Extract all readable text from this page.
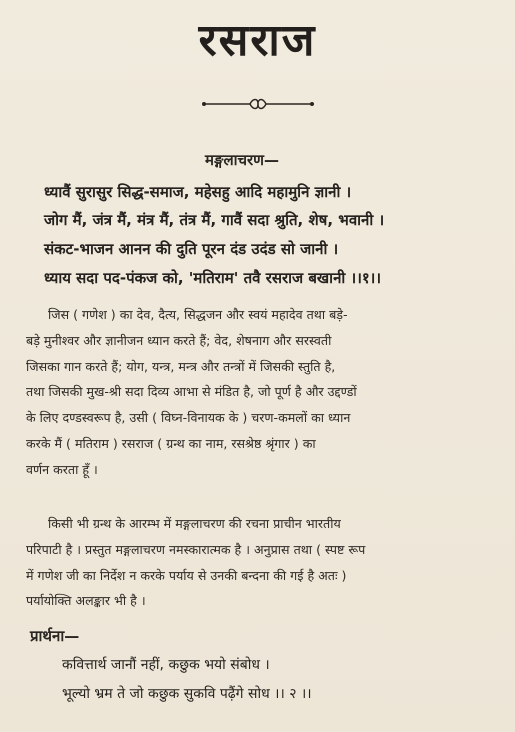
रसराज
मङ्गलाचरण—
ध्यावैं सुरासुर सिद्ध-समाज, महेसहु आदि महामुनि ज्ञानी ।
जोग मैं, जंत्र मैं, मंत्र मैं, तंत्र मैं, गावैं सदा श्रुति, शेष, भवानी ।
संकट-भाजन आनन की दुति पूरन दंड उदंड सो जानी ।
ध्याय सदा पद-पंकज को, 'मतिराम' तवै रसराज बखानी ।।१।।
जिस ( गणेश ) का देव, दैत्य, सिद्धजन और स्वयं महादेव तथा बड़े-
बड़े मुनीश्वर और ज्ञानीजन ध्यान करते हैं; वेद, शेषनाग और सरस्वती
जिसका गान करते हैं; योग, यन्त्र, मन्त्र और तन्त्रों में जिसकी स्तुति है,
तथा जिसकी मुख-श्री सदा दिव्य आभा से मंडित है, जो पूर्ण है और उद्दण्डों
के लिए दण्डस्वरूप है, उसी ( विघ्न-विनायक के ) चरण-कमलों का ध्यान
करके मैं ( मतिराम ) रसराज ( ग्रन्थ का नाम, रसश्रेष्ठ श्रृंगार ) का
वर्णन करता हूँ ।
किसी भी ग्रन्थ के आरम्भ में मङ्गलाचरण की रचना प्राचीन भारतीय
परिपाटी है । प्रस्तुत मङ्गलाचरण नमस्कारात्मक है । अनुप्रास तथा ( स्पष्ट रूप
में गणेश जी का निर्देश न करके पर्याय से उनकी बन्दना की गई है अतः )
पर्यायोक्ति अलङ्कार भी है ।
प्रार्थना—
कवित्तार्थ जानौं नहीं, कछुक भयो संबोध ।
भूल्यो भ्रम ते जो कछुक सुकवि पढ़ैंगे सोध ।। २ ।।
